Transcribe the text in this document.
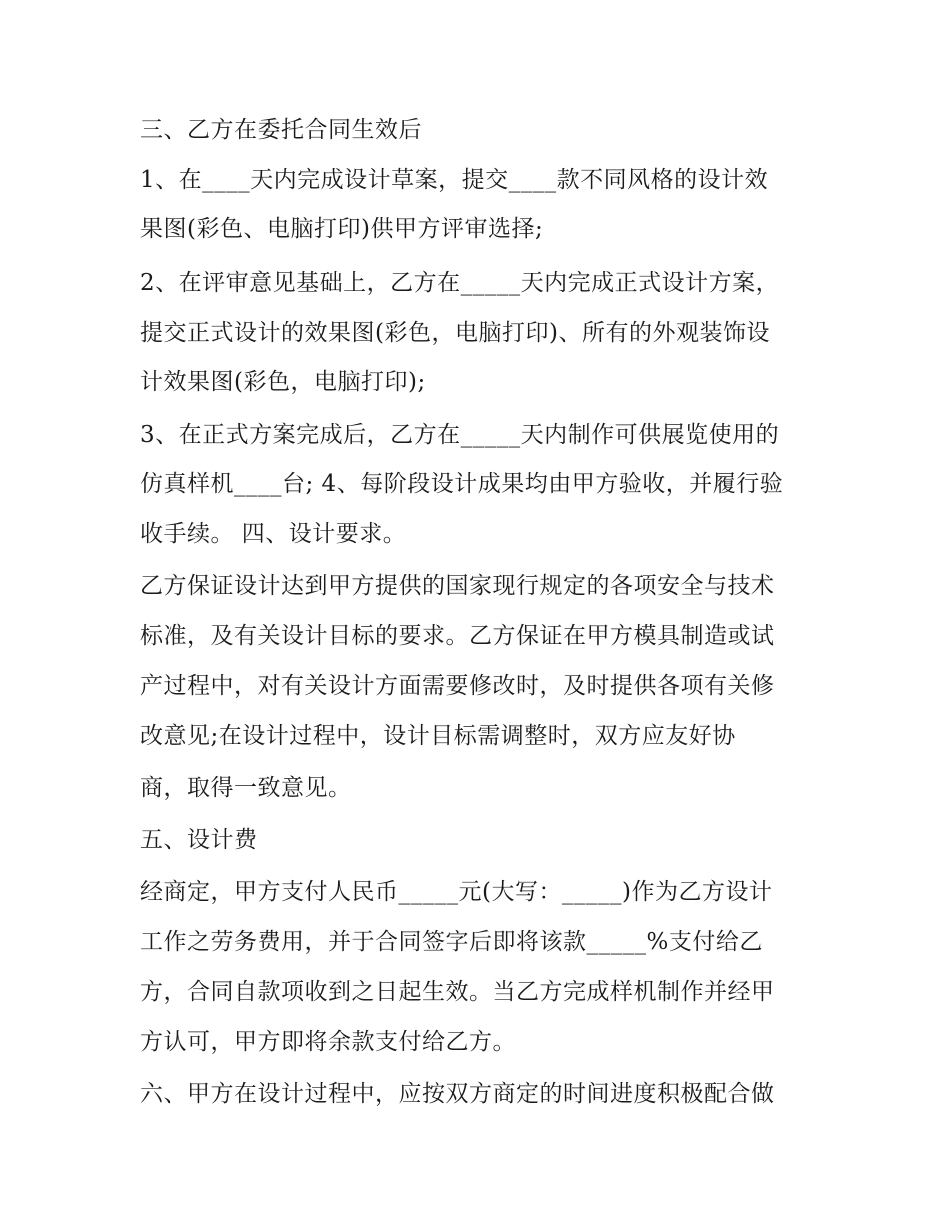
三、乙方在委托合同生效后
1、在____天内完成设计草案，提交____款不同风格的设计效
果图(彩色、电脑打印)供甲方评审选择;
2、在评审意见基础上，乙方在_____天内完成正式设计方案，
提交正式设计的效果图(彩色，电脑打印)、所有的外观装饰设
计效果图(彩色，电脑打印);
3、在正式方案完成后，乙方在_____天内制作可供展览使用的
仿真样机____台; 4、每阶段设计成果均由甲方验收，并履行验
收手续。 四、设计要求。
乙方保证设计达到甲方提供的国家现行规定的各项安全与技术
标准，及有关设计目标的要求。乙方保证在甲方模具制造或试
产过程中，对有关设计方面需要修改时，及时提供各项有关修
改意见;在设计过程中，设计目标需调整时，双方应友好协
商，取得一致意见。
五、设计费
经商定，甲方支付人民币_____元(大写：_____)作为乙方设计
工作之劳务费用，并于合同签字后即将该款_____%支付给乙
方，合同自款项收到之日起生效。当乙方完成样机制作并经甲
方认可，甲方即将余款支付给乙方。
六、甲方在设计过程中，应按双方商定的时间进度积极配合做
